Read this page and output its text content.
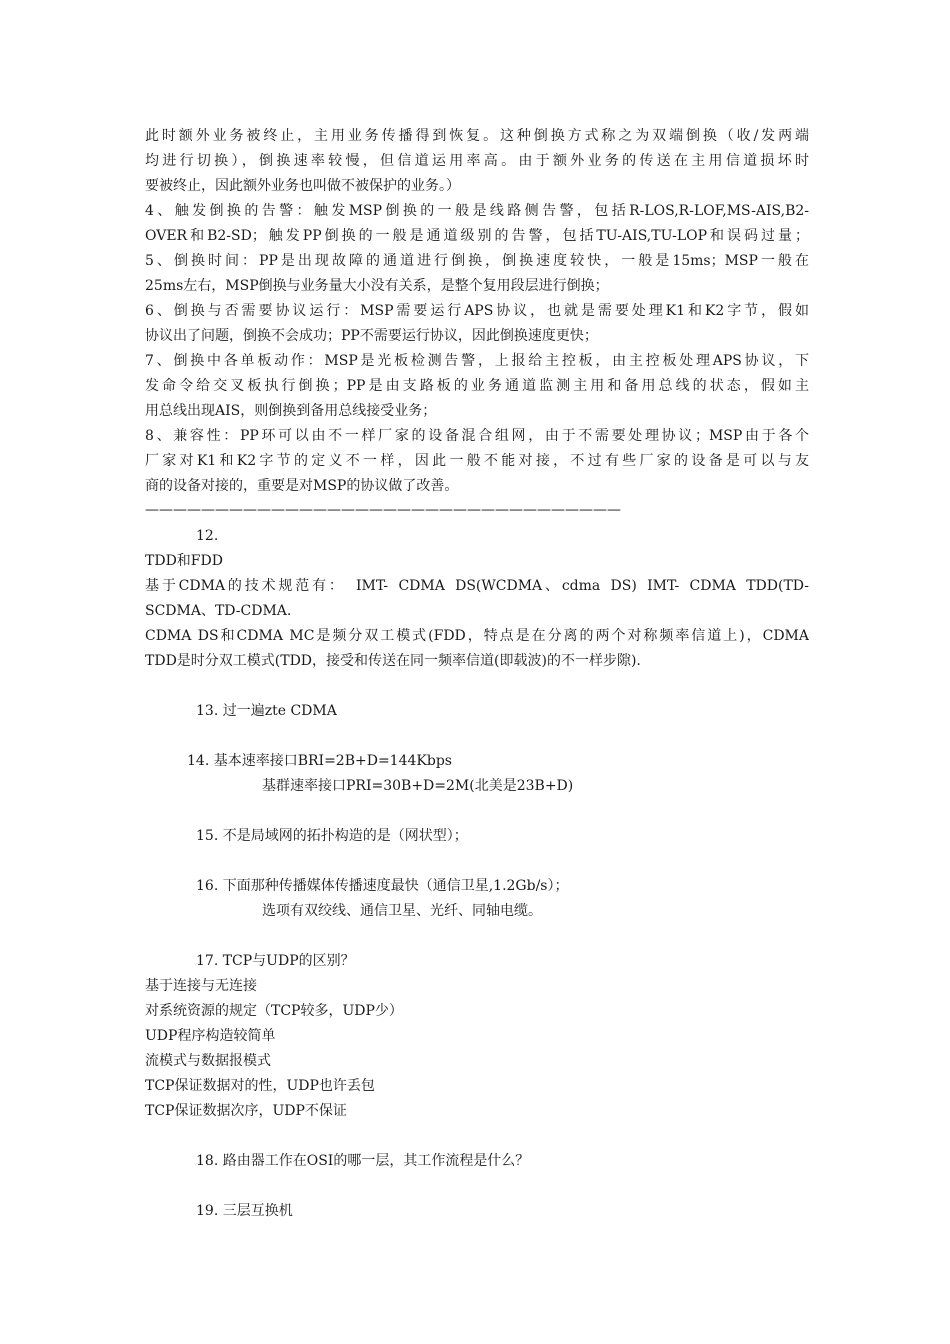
此时额外业务被终止，主用业务传播得到恢复。这种倒换方式称之为双端倒换（收/发两端
均进行切换），倒换速率较慢，但信道运用率高。由于额外业务的传送在主用信道损坏时
要被终止，因此额外业务也叫做不被保护的业务。）
4、触发倒换的告警：触发MSP倒换的一般是线路侧告警，包括R-LOS,R-LOF,MS-AIS,B2-
OVER和B2-SD；触发PP倒换的一般是通道级别的告警，包括TU-AIS,TU-LOP和误码过量；
5、倒换时间：PP是出现故障的通道进行倒换，倒换速度较快，一般是15ms；MSP一般在
25ms左右，MSP倒换与业务量大小没有关系，是整个复用段层进行倒换；
6、倒换与否需要协议运行：MSP需要运行APS协议，也就是需要处理K1和K2字节，假如
协议出了问题，倒换不会成功；PP不需要运行协议，因此倒换速度更快；
7、倒换中各单板动作：MSP是光板检测告警，上报给主控板，由主控板处理APS协议，下
发命令给交叉板执行倒换；PP是由支路板的业务通道监测主用和备用总线的状态，假如主
用总线出现AIS，则倒换到备用总线接受业务；
8、兼容性：PP环可以由不一样厂家的设备混合组网，由于不需要处理协议；MSP由于各个
厂家对K1和K2字节的定义不一样，因此一般不能对接，不过有些厂家的设备是可以与友
商的设备对接的，重要是对MSP的协议做了改善。
——————————————————————————————————
12.
TDD和FDD
基于CDMA的技术规范有： IMT- CDMA DS(WCDMA、cdma DS) IMT- CDMA TDD(TD-
SCDMA、TD-CDMA.
CDMA DS和CDMA MC是频分双工模式(FDD，特点是在分离的两个对称频率信道上)，CDMA
TDD是时分双工模式(TDD，接受和传送在同一频率信道(即载波)的不一样步隙).
13. 过一遍zte CDMA
14. 基本速率接口BRI=2B+D=144Kbps
基群速率接口PRI=30B+D=2M(北美是23B+D)
15. 不是局域网的拓扑构造的是（网状型）；
16. 下面那种传播媒体传播速度最快（通信卫星,1.2Gb/s）；
选项有双绞线、通信卫星、光纤、同轴电缆。
17. TCP与UDP的区别？
基于连接与无连接
对系统资源的规定（TCP较多，UDP少）
UDP程序构造较简单
流模式与数据报模式
TCP保证数据对的性，UDP也许丢包
TCP保证数据次序，UDP不保证
18. 路由器工作在OSI的哪一层，其工作流程是什么？
19. 三层互换机
